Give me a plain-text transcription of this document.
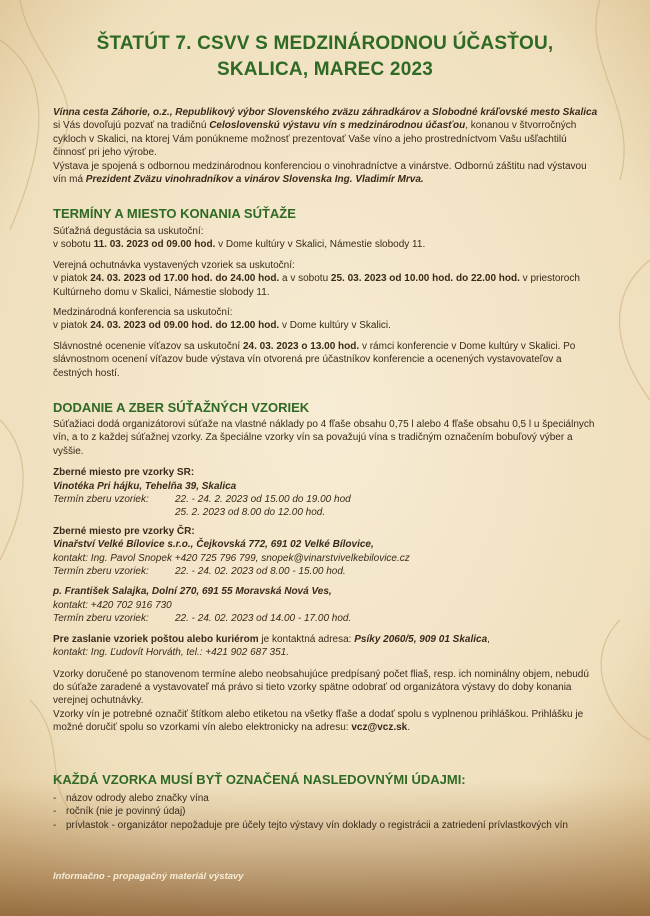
ŠTATÚT 7. CSVV S MEDZINÁRODNOU ÚČASŤOU,
SKALICA, MAREC 2023

Vínna cesta Záhorie, o.z., Republikový výbor Slovenského zväzu záhradkárov a Slobodné kráľovské mesto Skalica si Vás dovoľujú pozvať na tradičnú Celoslovenskú výstavu vín s medzinárodnou účasťou, konanou v štvorročných cykloch v Skalici, na ktorej Vám ponúkneme možnosť prezentovať Vaše víno a jeho prostredníctvom Vašu ušľachtilú činnosť pri jeho výrobe.

Výstava je spojená s odbornou medzinárodnou konferenciou o vinohradníctve a vinárstve. Odbornú záštitu nad výstavou vín má Prezident Zväzu vinohradníkov a vinárov Slovenska Ing. Vladimír Mrva.

TERMÍNY A MIESTO KONANIA SÚŤAŽE

Súťažná degustácia sa uskutoční:
v sobotu 11. 03. 2023 od 09.00 hod. v Dome kultúry v Skalici, Námestie slobody 11.

Verejná ochutnávka vystavených vzoriek sa uskutoční:
v piatok 24. 03. 2023 od 17.00 hod. do 24.00 hod. a v sobotu 25. 03. 2023 od 10.00 hod. do 22.00 hod. v priestoroch Kultúrneho domu v Skalici, Námestie slobody 11.

Medzinárodná konferencia sa uskutoční:
v piatok 24. 03. 2023 od 09.00 hod. do 12.00 hod. v Dome kultúry v Skalici.

Slávnostné ocenenie víťazov sa uskutoční 24. 03. 2023 o 13.00 hod. v rámci konferencie v Dome kultúry v Skalici. Po slávnostnom ocenení víťazov bude výstava vín otvorená pre účastníkov konferencie a ocenených vystavovateľov a čestných hostí.

DODANIE A ZBER SÚŤAŽNÝCH VZORIEK

Súťažiaci dodá organizátorovi súťaže na vlastné náklady po 4 fľaše obsahu 0,75 l alebo 4 fľaše obsahu 0,5 l u špeciálnych vín, a to z každej súťažnej vzorky. Za špeciálne vzorky vín sa považujú vína s tradičným označením bobuľový výber a vyššie.

Zberné miesto pre vzorky SR:

Vinotéka Pri hájku, Tehelňa 39, Skalica

Termín zberu vzoriek:	22. - 24. 2. 2023 od 15.00 do 19.00 hod

25. 2. 2023 od 8.00 do 12.00 hod.

Zberné miesto pre vzorky ČR:

Vinařství Velké Bílovice s.r.o., Čejkovská 772, 691 02 Velké Bílovice,

kontakt: Ing. Pavol Snopek +420 725 796 799, snopek@vinarstvivelkebilovice.cz

Termín zberu vzoriek:	22. - 24. 02. 2023 od 8.00 - 15.00 hod.

p. František Salajka, Dolní 270, 691 55 Moravská Nová Ves,

kontakt: +420 702 916 730

Termín zberu vzoriek:	22. - 24. 02. 2023 od 14.00 - 17.00 hod.

Pre zaslanie vzoriek poštou alebo kuriérom je kontaktná adresa: Psíky 2060/5, 909 01 Skalica,

kontakt: Ing. Ľudovít Horváth, tel.: +421 902 687 351.

Vzorky doručené po stanovenom termíne alebo neobsahujúce predpísaný počet fliaš, resp. ich nominálny objem, nebudú do súťaže zaradené a vystavovateľ má právo si tieto vzorky spätne odobrať od organizátora výstavy do doby konania verejnej ochutnávky.

Vzorky vín je potrebné označiť štítkom alebo etiketou na všetky fľaše a dodať spolu s vyplnenou prihláškou. Prihlášku je možné doručiť spolu so vzorkami vín alebo elektronicky na adresu: vcz@vcz.sk.

KAŽDÁ VZORKA MUSÍ BYŤ OZNAČENÁ NASLEDOVNÝMI ÚDAJMI:
- názov odrody alebo značky vína
- ročník (nie je povinný údaj)
- prívlastok - organizátor nepožaduje pre účely tejto výstavy vín doklady o registrácii a zatriedení prívlastkových vín
Informačno - propagačný materiál výstavy
